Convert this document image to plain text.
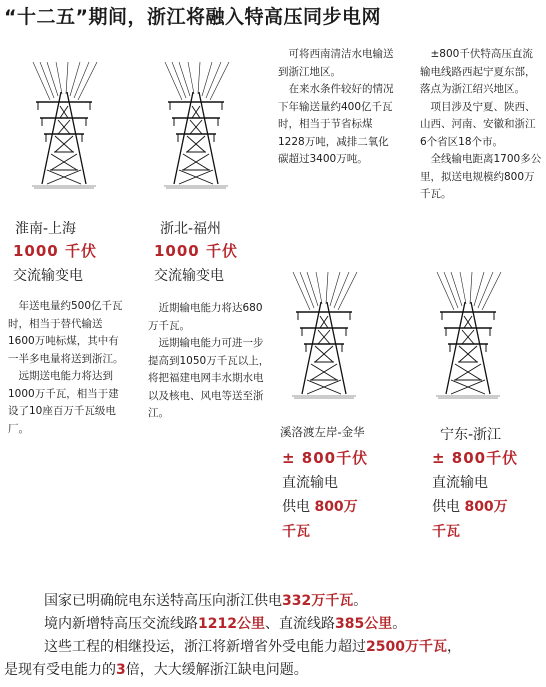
“十二五”期间，浙江将融入特高压同步电网
淮南-上海
1000 千伏
交流输变电

年送电量约500亿千瓦时，相当于替代输送1600万吨标煤，其中有一半多电量将送到浙江。

远期送电能力将达到1000万千瓦，相当于建设了10座百万千瓦级电厂。

浙北-福州
1000 千伏
交流输变电

近期输电能力将达680万千瓦。

远期输电能力可进一步提高到1050万千瓦以上，将把福建电网丰水期水电以及核电、风电等送至浙江。

可将西南清洁水电输送到浙江地区。

在来水条件较好的情况下年输送量约400亿千瓦时，相当于节省标煤1228万吨，减排二氧化碳超过3400万吨。

溪洛渡左岸-金华
± 800千伏
直流输电
供电 800万
千瓦

±800千伏特高压直流输电线路西起宁夏东部，落点为浙江绍兴地区。

项目涉及宁夏、陕西、山西、河南、安徽和浙江6个省区18个市。

全线输电距离1700多公里，拟送电规模约800万千瓦。

宁东-浙江
± 800千伏
直流输电
供电 800万
千瓦
国家已明确皖电东送特高压向浙江供电332万千瓦。
境内新增特高压交流线路1212公里、直流线路385公里。
这些工程的相继投运，浙江将新增省外受电能力超过2500万千瓦，
是现有受电能力的3倍，大大缓解浙江缺电问题。
